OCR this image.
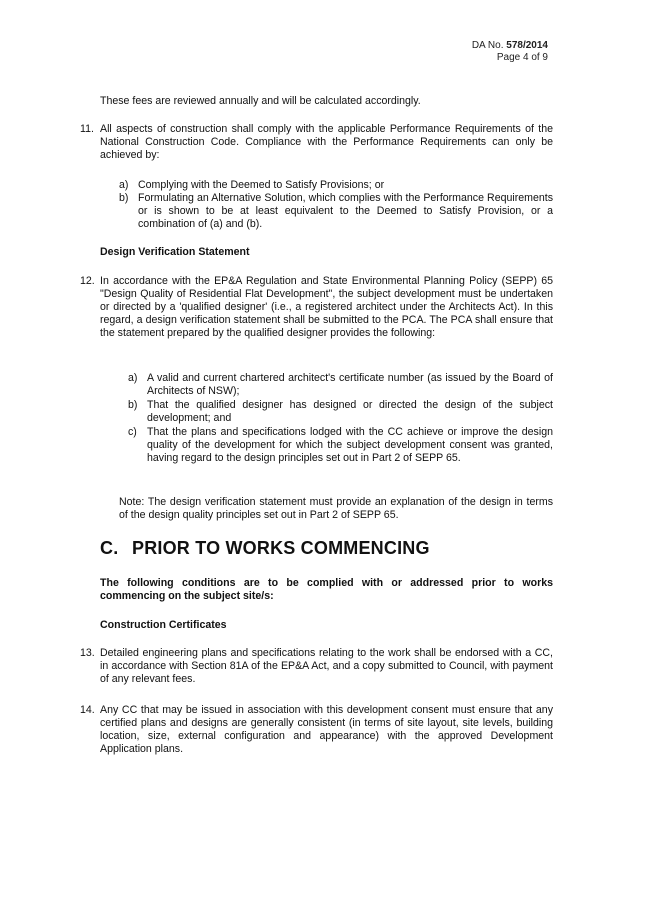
DA No. 578/2014
Page 4 of 9
These fees are reviewed annually and will be calculated accordingly.
11. All aspects of construction shall comply with the applicable Performance Requirements of the National Construction Code. Compliance with the Performance Requirements can only be achieved by:
a) Complying with the Deemed to Satisfy Provisions; or
b) Formulating an Alternative Solution, which complies with the Performance Requirements or is shown to be at least equivalent to the Deemed to Satisfy Provision, or a combination of (a) and (b).
Design Verification Statement
12. In accordance with the EP&A Regulation and State Environmental Planning Policy (SEPP) 65 "Design Quality of Residential Flat Development", the subject development must be undertaken or directed by a 'qualified designer' (i.e., a registered architect under the Architects Act). In this regard, a design verification statement shall be submitted to the PCA. The PCA shall ensure that the statement prepared by the qualified designer provides the following:
a) A valid and current chartered architect's certificate number (as issued by the Board of Architects of NSW);
b) That the qualified designer has designed or directed the design of the subject development; and
c) That the plans and specifications lodged with the CC achieve or improve the design quality of the development for which the subject development consent was granted, having regard to the design principles set out in Part 2 of SEPP 65.
Note: The design verification statement must provide an explanation of the design in terms of the design quality principles set out in Part 2 of SEPP 65.
C. PRIOR TO WORKS COMMENCING
The following conditions are to be complied with or addressed prior to works commencing on the subject site/s:
Construction Certificates
13. Detailed engineering plans and specifications relating to the work shall be endorsed with a CC, in accordance with Section 81A of the EP&A Act, and a copy submitted to Council, with payment of any relevant fees.
14. Any CC that may be issued in association with this development consent must ensure that any certified plans and designs are generally consistent (in terms of site layout, site levels, building location, size, external configuration and appearance) with the approved Development Application plans.
